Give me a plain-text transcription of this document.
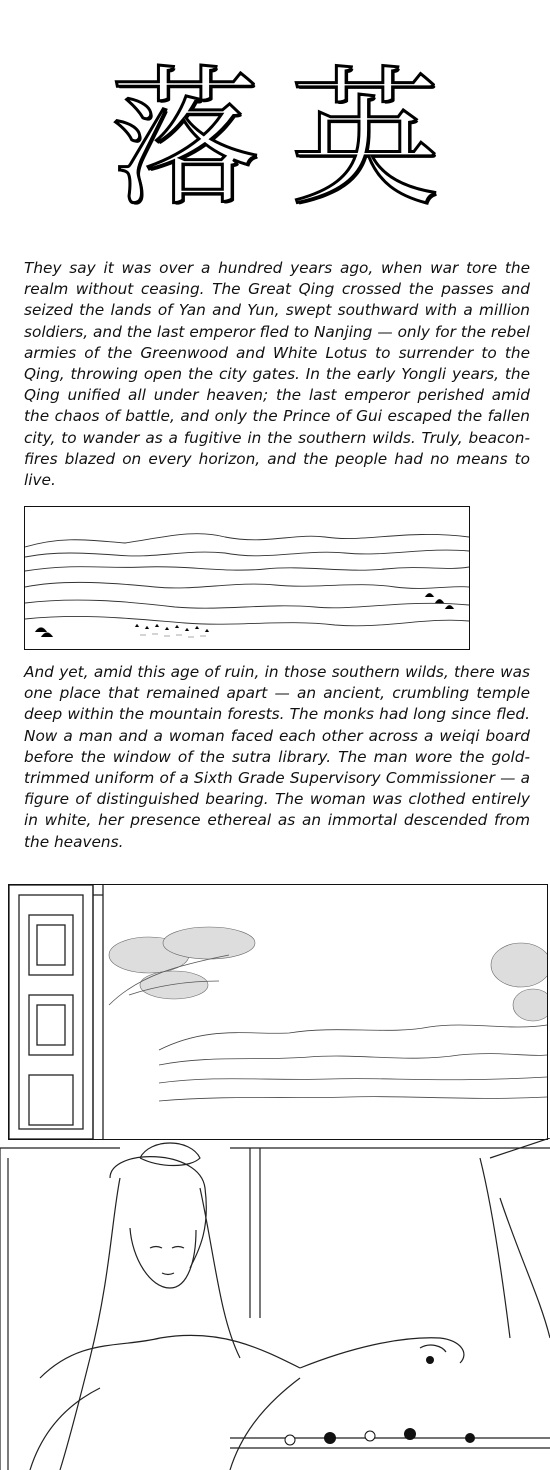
落 英

They say it was over a hundred years ago, when war tore the realm without ceasing. The Great Qing crossed the passes and seized the lands of Yan and Yun, swept southward with a million soldiers, and the last emperor fled to Nanjing — only for the rebel armies of the Greenwood and White Lotus to surrender to the Qing, throwing open the city gates. In the early Yongli years, the Qing unified all under heaven; the last emperor perished amid the chaos of battle, and only the Prince of Gui escaped the fallen city, to wander as a fugitive in the southern wilds. Truly, beacon-fires blazed on every horizon, and the people had no means to live.

And yet, amid this age of ruin, in those southern wilds, there was one place that remained apart — an ancient, crumbling temple deep within the mountain forests. The monks had long since fled. Now a man and a woman faced each other across a weiqi board before the window of the sutra library. The man wore the gold-trimmed uniform of a Sixth Grade Supervisory Commissioner — a figure of distinguished bearing. The woman was clothed entirely in white, her presence ethereal as an immortal descended from the heavens.
